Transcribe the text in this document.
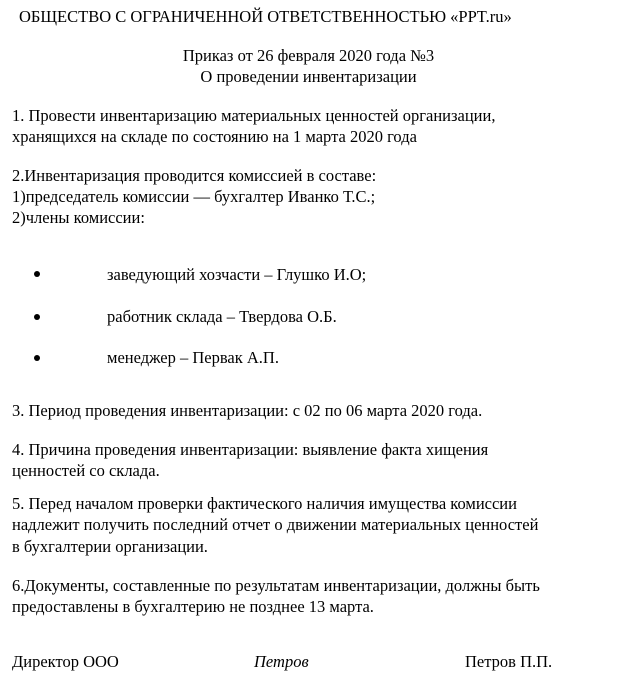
ОБЩЕСТВО С ОГРАНИЧЕННОЙ ОТВЕТСТВЕННОСТЬЮ «PPT.ru»
Приказ от 26 февраля 2020 года №3
О проведении инвентаризации
1. Провести инвентаризацию материальных ценностей организации,
хранящихся на складе по состоянию на 1 марта 2020 года
2.Инвентаризация проводится комиссией в составе:
1)председатель комиссии — бухгалтер Иванко Т.С.;
2)члены комиссии:
заведующий хозчасти – Глушко И.О;
работник склада – Твердова О.Б.
менеджер – Первак А.П.
3. Период проведения инвентаризации: с 02 по 06 марта 2020 года.
4. Причина проведения инвентаризации: выявление факта хищения
ценностей со склада.
5. Перед началом проверки фактического наличия имущества комиссии
надлежит получить последний отчет о движении материальных ценностей
в бухгалтерии организации.
6.Документы, составленные по результатам инвентаризации, должны быть
предоставлены в бухгалтерию не позднее 13 марта.
Директор ООО	Петров	Петров П.П.
